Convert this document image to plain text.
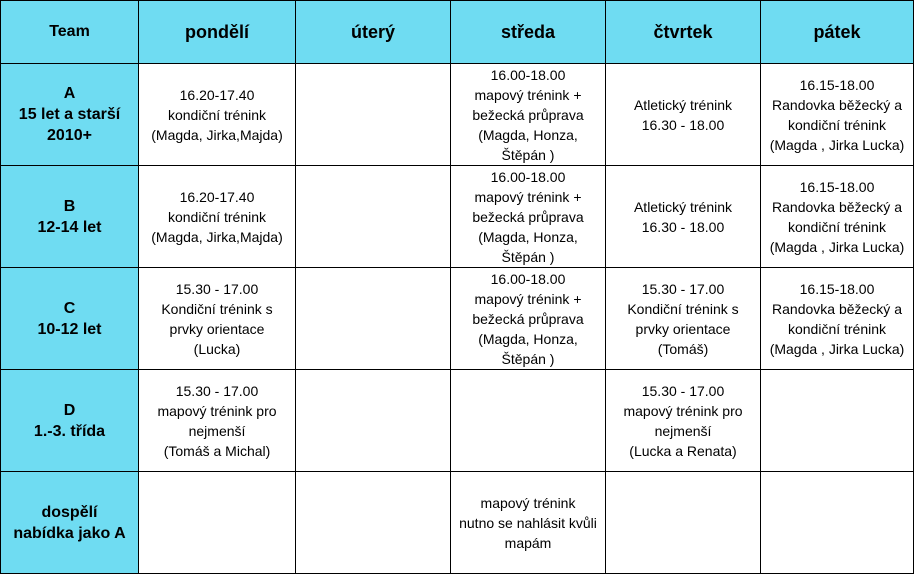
Team	pondělí	úterý	středa	čtvrtek	pátek

A
15 let a starší
2010+	16.20-17.40
kondiční trénink
(Magda, Jirka,Majda)		16.00-18.00
mapový trénink +
bežecká průprava
(Magda, Honza,
Štěpán )	Atletický trénink
16.30 - 18.00	16.15-18.00
Randovka běžecký a
kondiční trénink
(Magda , Jirka Lucka)

B
12-14 let	16.20-17.40
kondiční trénink
(Magda, Jirka,Majda)		16.00-18.00
mapový trénink +
bežecká průprava
(Magda, Honza,
Štěpán )	Atletický trénink
16.30 - 18.00	16.15-18.00
Randovka běžecký a
kondiční trénink
(Magda , Jirka Lucka)

C
10-12 let	15.30 - 17.00
Kondiční trénink s
prvky orientace
(Lucka)		16.00-18.00
mapový trénink +
bežecká průprava
(Magda, Honza,
Štěpán )	15.30 - 17.00
Kondiční trénink s
prvky orientace
(Tomáš)	16.15-18.00
Randovka běžecký a
kondiční trénink
(Magda , Jirka Lucka)

D
1.-3. třída	15.30 - 17.00
mapový trénink pro
nejmenší
(Tomáš a Michal)			15.30 - 17.00
mapový trénink pro
nejmenší
(Lucka a Renata)	

dospělí
nabídka jako A			mapový trénink
nutno se nahlásit kvůli
mapám		
